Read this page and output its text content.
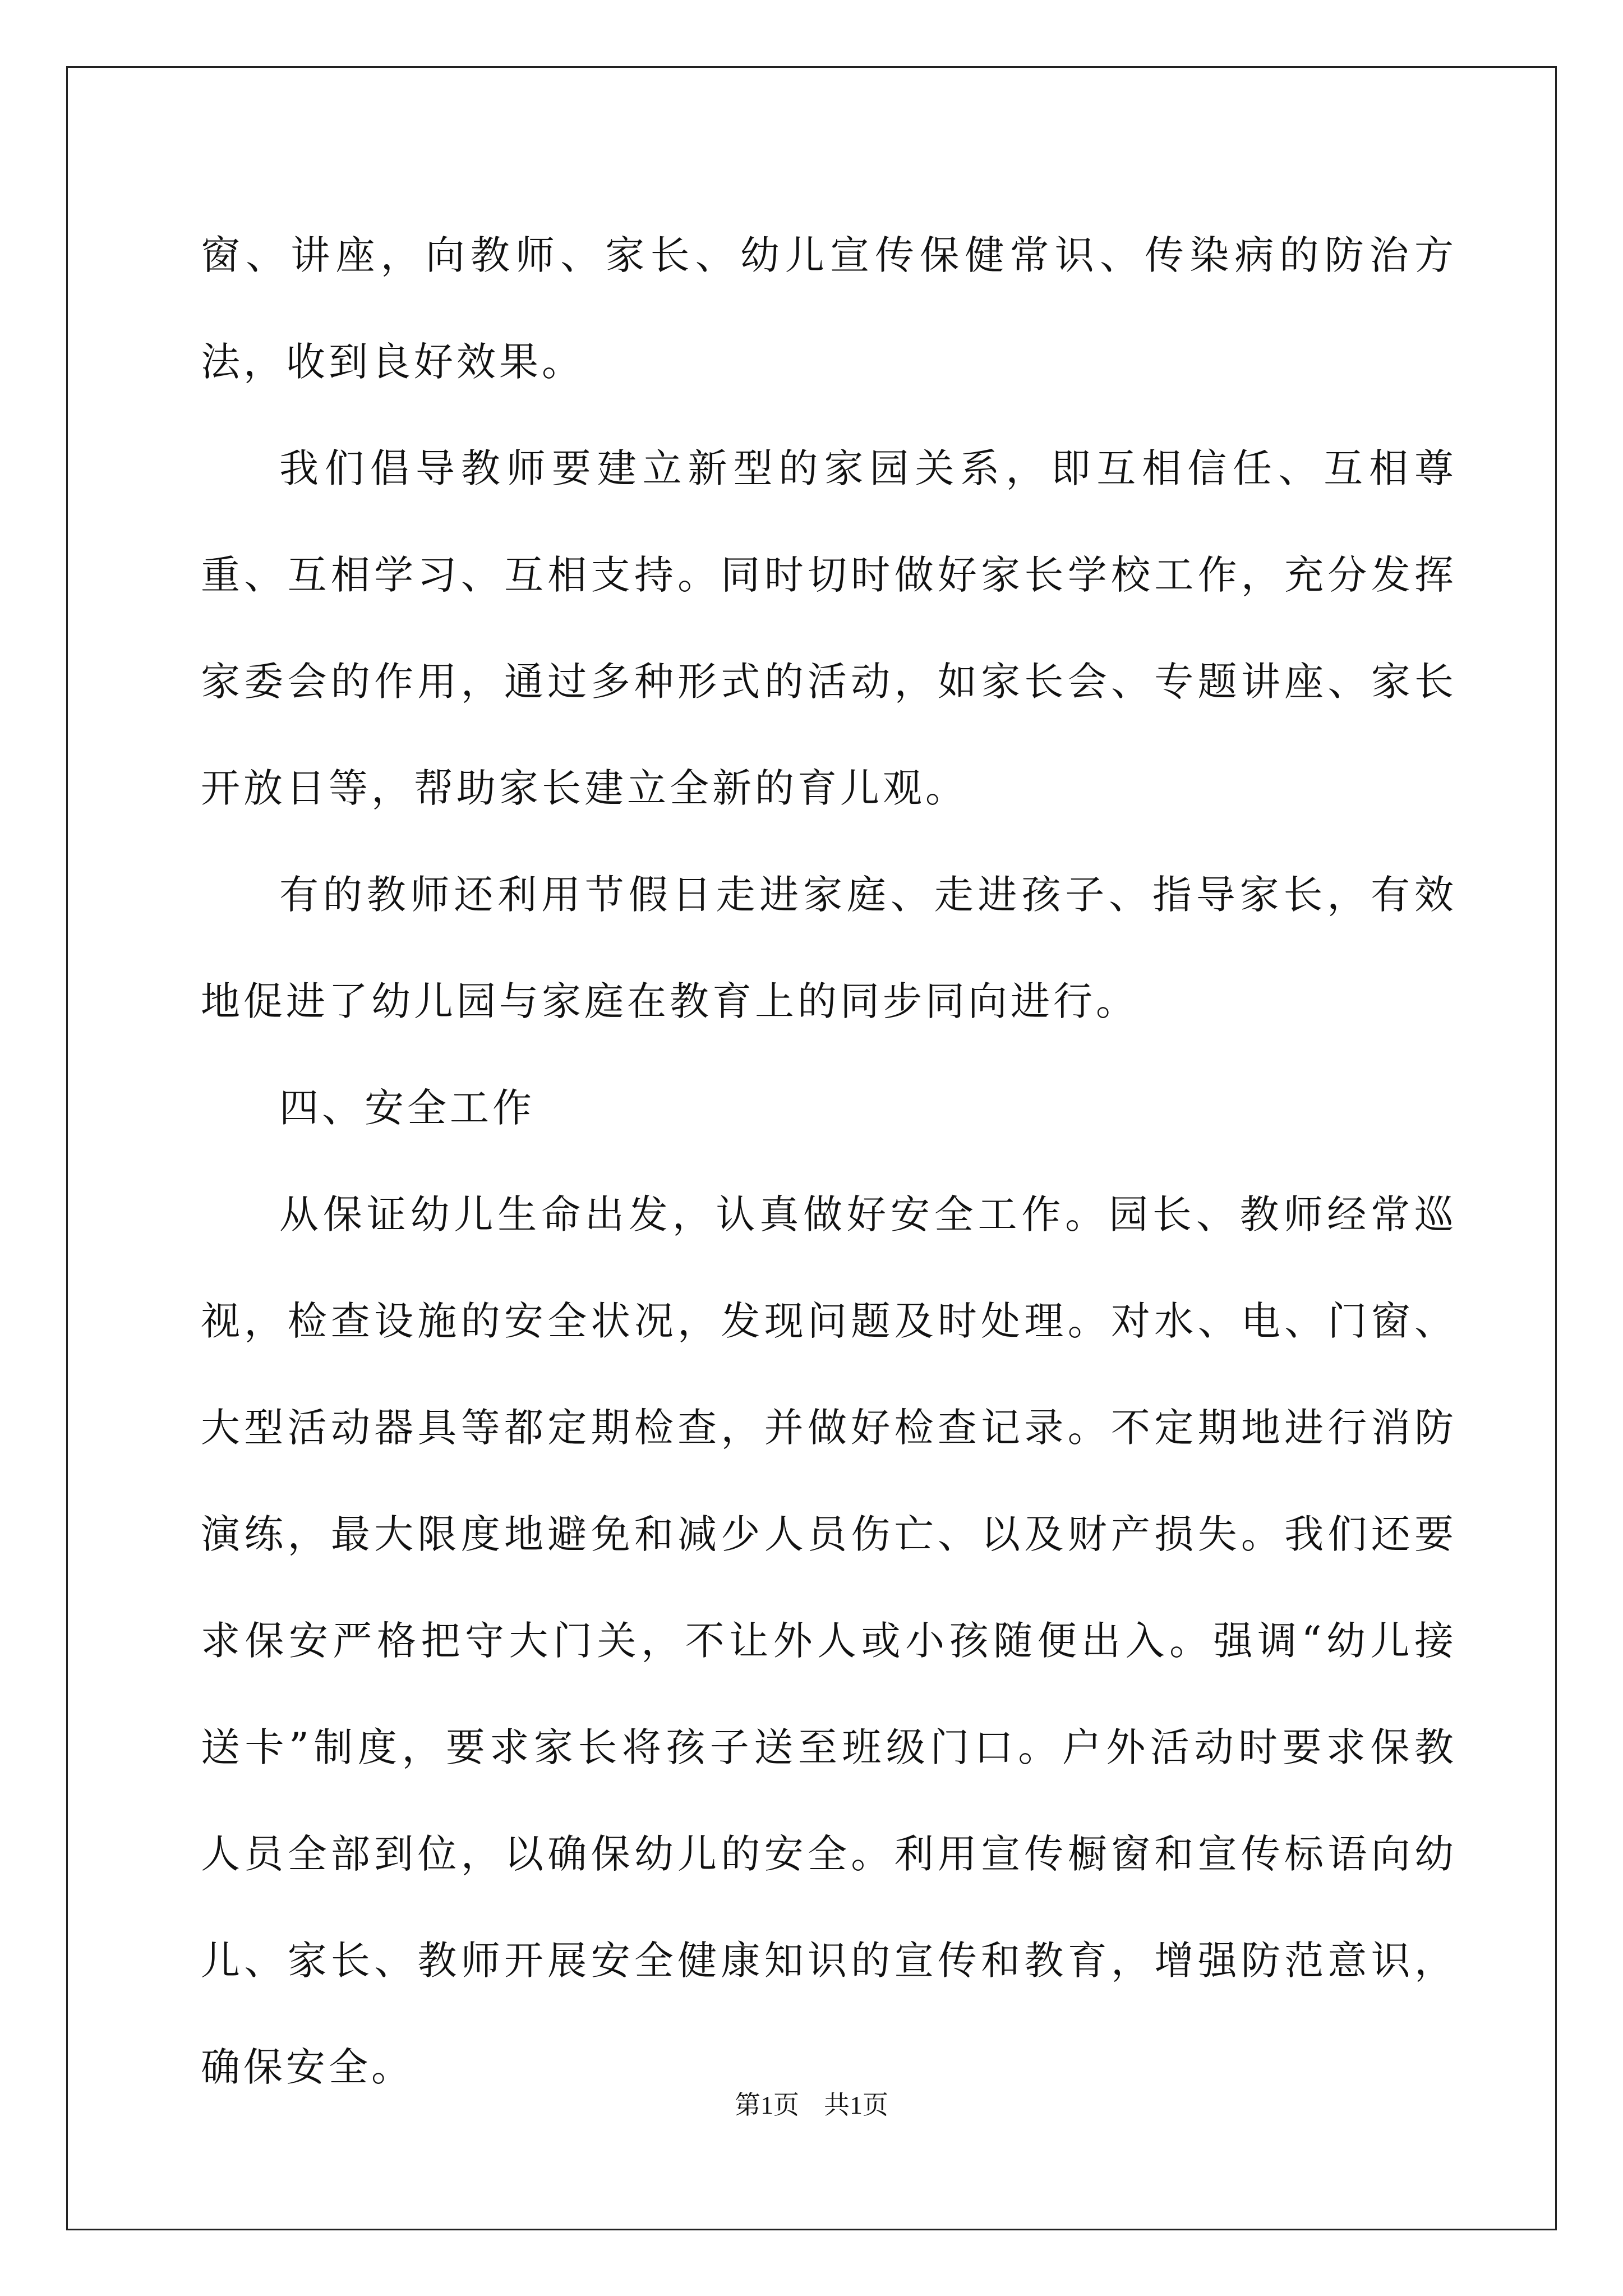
窗、讲座，向教师、家长、幼儿宣传保健常识、传染病的防治方法，收到良好效果。

我们倡导教师要建立新型的家园关系，即互相信任、互相尊重、互相学习、互相支持。同时切时做好家长学校工作，充分发挥家委会的作用，通过多种形式的活动，如家长会、专题讲座、家长开放日等，帮助家长建立全新的育儿观。

有的教师还利用节假日走进家庭、走进孩子、指导家长，有效地促进了幼儿园与家庭在教育上的同步同向进行。

四、安全工作

从保证幼儿生命出发，认真做好安全工作。园长、教师经常巡视，检查设施的安全状况，发现问题及时处理。对水、电、门窗、大型活动器具等都定期检查，并做好检查记录。不定期地进行消防演练，最大限度地避免和减少人员伤亡、以及财产损失。我们还要求保安严格把守大门关，不让外人或小孩随便出入。强调“幼儿接送卡”制度，要求家长将孩子送至班级门口。户外活动时要求保教人员全部到位，以确保幼儿的安全。利用宣传橱窗和宣传标语向幼儿、家长、教师开展安全健康知识的宣传和教育，增强防范意识，确保安全。

第1页 共1页
